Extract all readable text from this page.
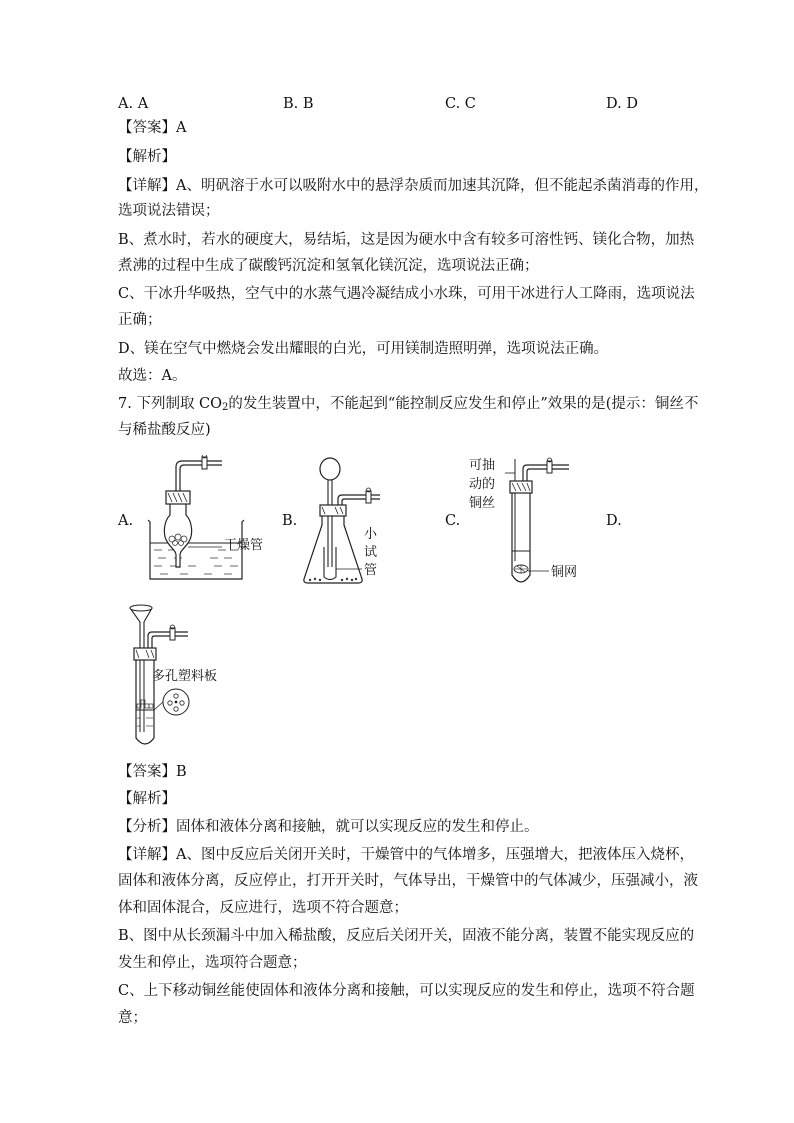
A. A	B. B	C. C	D. D
【答案】A
【解析】
【详解】A、明矾溶于水可以吸附水中的悬浮杂质而加速其沉降，但不能起杀菌消毒的作用，
选项说法错误；
B、煮水时，若水的硬度大，易结垢，这是因为硬水中含有较多可溶性钙、镁化合物，加热
煮沸的过程中生成了碳酸钙沉淀和氢氧化镁沉淀，选项说法正确；
C、干冰升华吸热，空气中的水蒸气遇冷凝结成小水珠，可用干冰进行人工降雨，选项说法
正确；
D、镁在空气中燃烧会发出耀眼的白光，可用镁制造照明弹，选项说法正确。
故选：A。
7. 下列制取 $CO_2$的发生装置中，不能起到“能控制反应发生和停止”效果的是(提示：铜丝不
与稀盐酸反应)
A.	B.	C.	D.
干燥管
小
试
管
可抽
动的
铜丝
铜网
多孔塑料板
【答案】B
【解析】
【分析】固体和液体分离和接触，就可以实现反应的发生和停止。
【详解】A、图中反应后关闭开关时，干燥管中的气体增多，压强增大，把液体压入烧杯，
固体和液体分离，反应停止，打开开关时，气体导出，干燥管中的气体减少，压强减小，液
体和固体混合，反应进行，选项不符合题意；
B、图中从长颈漏斗中加入稀盐酸，反应后关闭开关，固液不能分离，装置不能实现反应的
发生和停止，选项符合题意；
C、上下移动铜丝能使固体和液体分离和接触，可以实现反应的发生和停止，选项不符合题
意；
